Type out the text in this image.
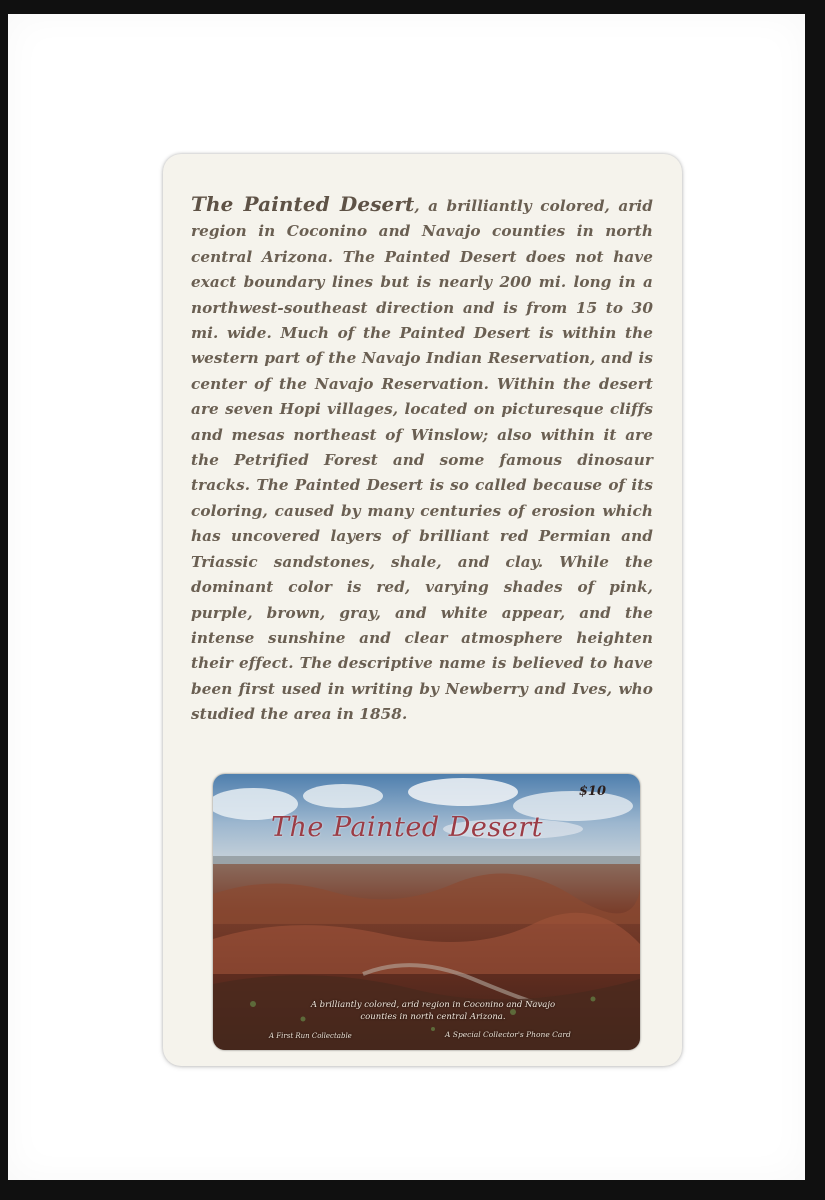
The Painted Desert, a brilliantly colored, arid region in Coconino and Navajo counties in north central Arizona. The Painted Desert does not have exact boundary lines but is nearly 200 mi. long in a northwest-southeast direction and is from 15 to 30 mi. wide. Much of the Painted Desert is within the western part of the Navajo Indian Reservation, and is center of the Navajo Reservation. Within the desert are seven Hopi villages, located on picturesque cliffs and mesas northeast of Winslow; also within it are the Petrified Forest and some famous dinosaur tracks. The Painted Desert is so called because of its coloring, caused by many centuries of erosion which has uncovered layers of brilliant red Permian and Triassic sandstones, shale, and clay. While the dominant color is red, varying shades of pink, purple, brown, gray, and white appear, and the intense sunshine and clear atmosphere heighten their effect. The descriptive name is believed to have been first used in writing by Newberry and Ives, who studied the area in 1858.
$10
The Painted Desert
A brilliantly colored, arid region in Coconino and Navajo
counties in north central Arizona.
A First Run Collectable	A Special Collector's Phone Card
